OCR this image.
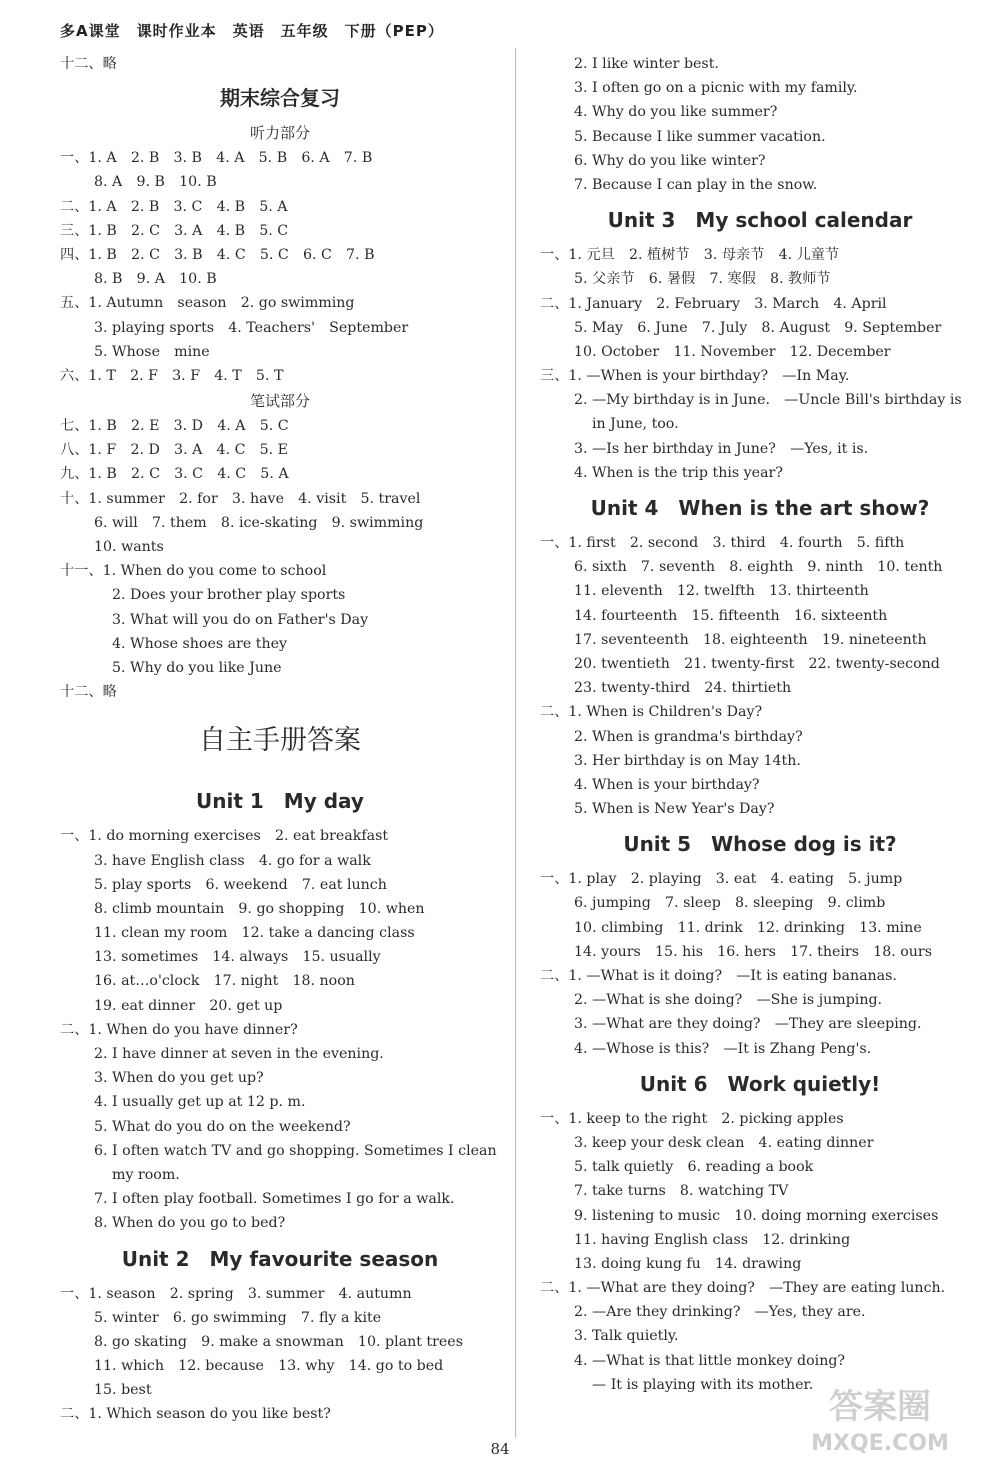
多A课堂　课时作业本　英语　五年级　下册（PEP）
十二、略
期末综合复习
听力部分
一、1. A　2. B　3. B　4. A　5. B　6. A　7. B
8. A　9. B　10. B
二、1. A　2. B　3. C　4. B　5. A
三、1. B　2. C　3. A　4. B　5. C
四、1. B　2. C　3. B　4. C　5. C　6. C　7. B
8. B　9. A　10. B
五、1. Autumn　season　2. go swimming
3. playing sports　4. Teachers'　September
5. Whose　mine
六、1. T　2. F　3. F　4. T　5. T
笔试部分
七、1. B　2. E　3. D　4. A　5. C
八、1. F　2. D　3. A　4. C　5. E
九、1. B　2. C　3. C　4. C　5. A
十、1. summer　2. for　3. have　4. visit　5. travel
6. will　7. them　8. ice-skating　9. swimming
10. wants
十一、1. When do you come to school
2. Does your brother play sports
3. What will you do on Father's Day
4. Whose shoes are they
5. Why do you like June
十二、略
自主手册答案
Unit 1　My day
一、1. do morning exercises　2. eat breakfast
3. have English class　4. go for a walk
5. play sports　6. weekend　7. eat lunch
8. climb mountain　9. go shopping　10. when
11. clean my room　12. take a dancing class
13. sometimes　14. always　15. usually
16. at…o'clock　17. night　18. noon
19. eat dinner　20. get up
二、1. When do you have dinner?
2. I have dinner at seven in the evening.
3. When do you get up?
4. I usually get up at 12 p. m.
5. What do you do on the weekend?
6. I often watch TV and go shopping. Sometimes I clean
my room.
7. I often play football. Sometimes I go for a walk.
8. When do you go to bed?
Unit 2　My favourite season
一、1. season　2. spring　3. summer　4. autumn
5. winter　6. go swimming　7. fly a kite
8. go skating　9. make a snowman　10. plant trees
11. which　12. because　13. why　14. go to bed
15. best
二、1. Which season do you like best?
2. I like winter best.
3. I often go on a picnic with my family.
4. Why do you like summer?
5. Because I like summer vacation.
6. Why do you like winter?
7. Because I can play in the snow.
Unit 3　My school calendar
一、1. 元旦　2. 植树节　3. 母亲节　4. 儿童节
5. 父亲节　6. 暑假　7. 寒假　8. 教师节
二、1. January　2. February　3. March　4. April
5. May　6. June　7. July　8. August　9. September
10. October　11. November　12. December
三、1. —When is your birthday?　—In May.
2. —My birthday is in June.　—Uncle Bill's birthday is
in June, too.
3. —Is her birthday in June?　—Yes, it is.
4. When is the trip this year?
Unit 4　When is the art show?
一、1. first　2. second　3. third　4. fourth　5. fifth
6. sixth　7. seventh　8. eighth　9. ninth　10. tenth
11. eleventh　12. twelfth　13. thirteenth
14. fourteenth　15. fifteenth　16. sixteenth
17. seventeenth　18. eighteenth　19. nineteenth
20. twentieth　21. twenty-first　22. twenty-second
23. twenty-third　24. thirtieth
二、1. When is Children's Day?
2. When is grandma's birthday?
3. Her birthday is on May 14th.
4. When is your birthday?
5. When is New Year's Day?
Unit 5　Whose dog is it?
一、1. play　2. playing　3. eat　4. eating　5. jump
6. jumping　7. sleep　8. sleeping　9. climb
10. climbing　11. drink　12. drinking　13. mine
14. yours　15. his　16. hers　17. theirs　18. ours
二、1. —What is it doing?　—It is eating bananas.
2. —What is she doing?　—She is jumping.
3. —What are they doing?　—They are sleeping.
4. —Whose is this?　—It is Zhang Peng's.
Unit 6　Work quietly!
一、1. keep to the right　2. picking apples
3. keep your desk clean　4. eating dinner
5. talk quietly　6. reading a book
7. take turns　8. watching TV
9. listening to music　10. doing morning exercises
11. having English class　12. drinking
13. doing kung fu　14. drawing
二、1. —What are they doing?　—They are eating lunch.
2. —Are they drinking?　—Yes, they are.
3. Talk quietly.
4. —What is that little monkey doing?
— It is playing with its mother.
84
答案圈
MXQE.COM
